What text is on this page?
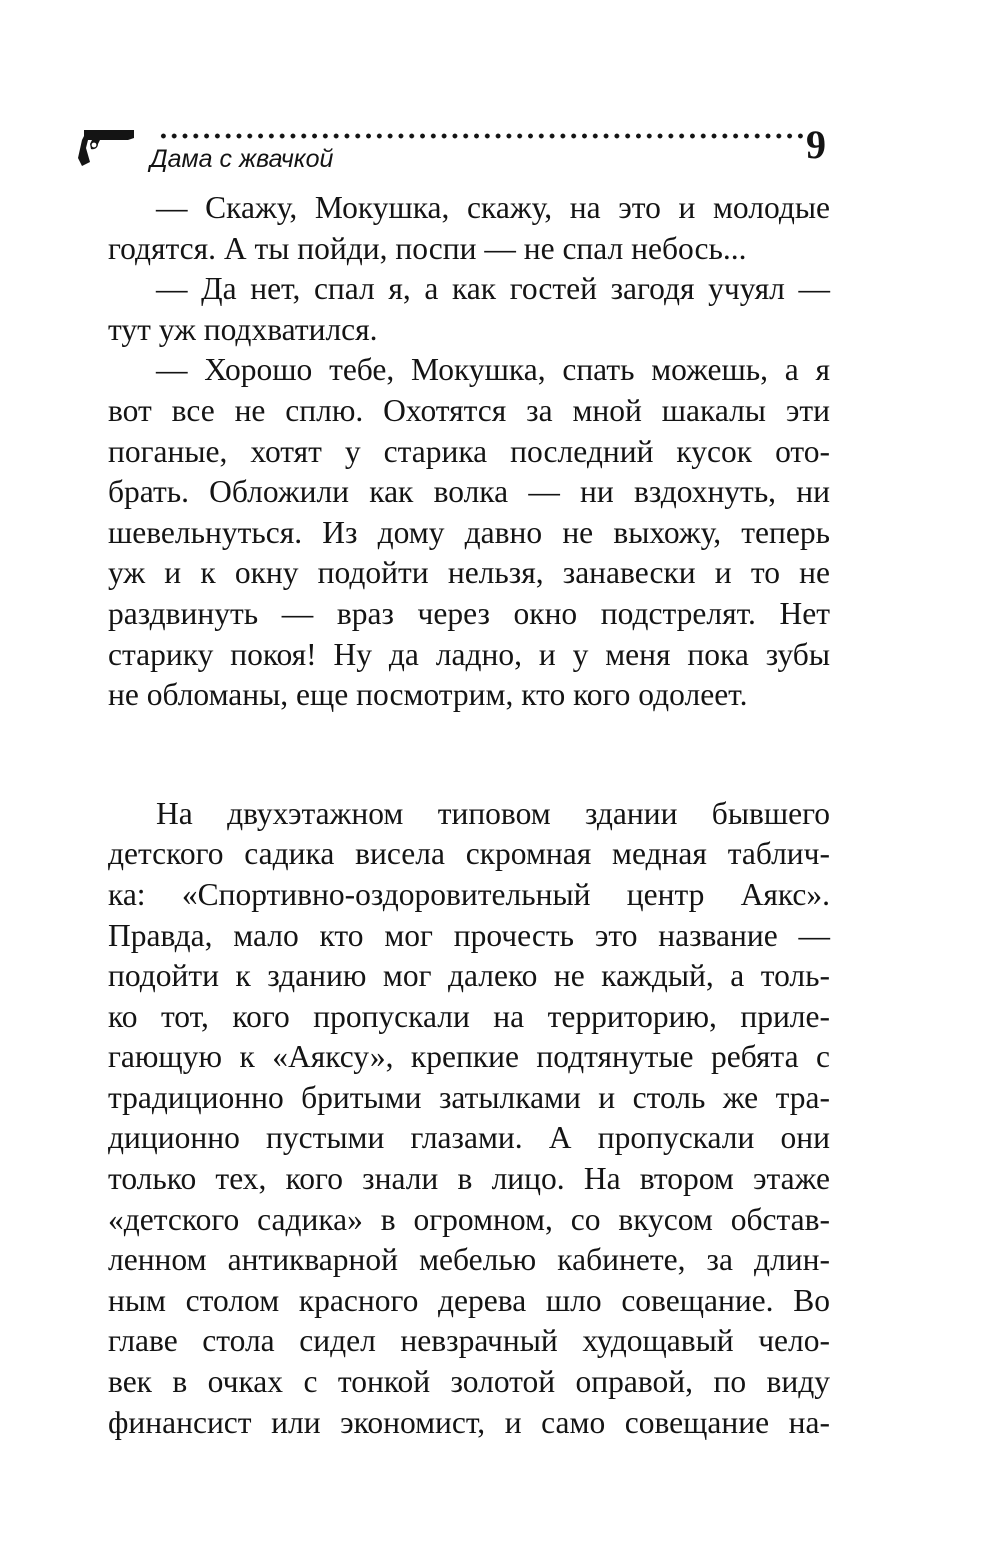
Дама с жвачкой	9
— Скажу, Мокушка, скажу, на это и молодые
годятся. А ты пойди, поспи — не спал небось...
— Да нет, спал я, а как гостей загодя учуял —
тут уж подхватился.
— Хорошо тебе, Мокушка, спать можешь, а я
вот все не сплю. Охотятся за мной шакалы эти
поганые, хотят у старика последний кусок ото-
брать. Обложили как волка — ни вздохнуть, ни
шевельнуться. Из дому давно не выхожу, теперь
уж и к окну подойти нельзя, занавески и то не
раздвинуть — враз через окно подстрелят. Нет
старику покоя! Ну да ладно, и у меня пока зубы
не обломаны, еще посмотрим, кто кого одолеет.
На двухэтажном типовом здании бывшего
детского садика висела скромная медная таблич-
ка: «Спортивно-оздоровительный центр Аякс».
Правда, мало кто мог прочесть это название —
подойти к зданию мог далеко не каждый, а толь-
ко тот, кого пропускали на территорию, приле-
гающую к «Аяксу», крепкие подтянутые ребята с
традиционно бритыми затылками и столь же тра-
диционно пустыми глазами. А пропускали они
только тех, кого знали в лицо. На втором этаже
«детского садика» в огромном, со вкусом обстав-
ленном антикварной мебелью кабинете, за длин-
ным столом красного дерева шло совещание. Во
главе стола сидел невзрачный худощавый чело-
век в очках с тонкой золотой оправой, по виду
финансист или экономист, и само совещание на-
